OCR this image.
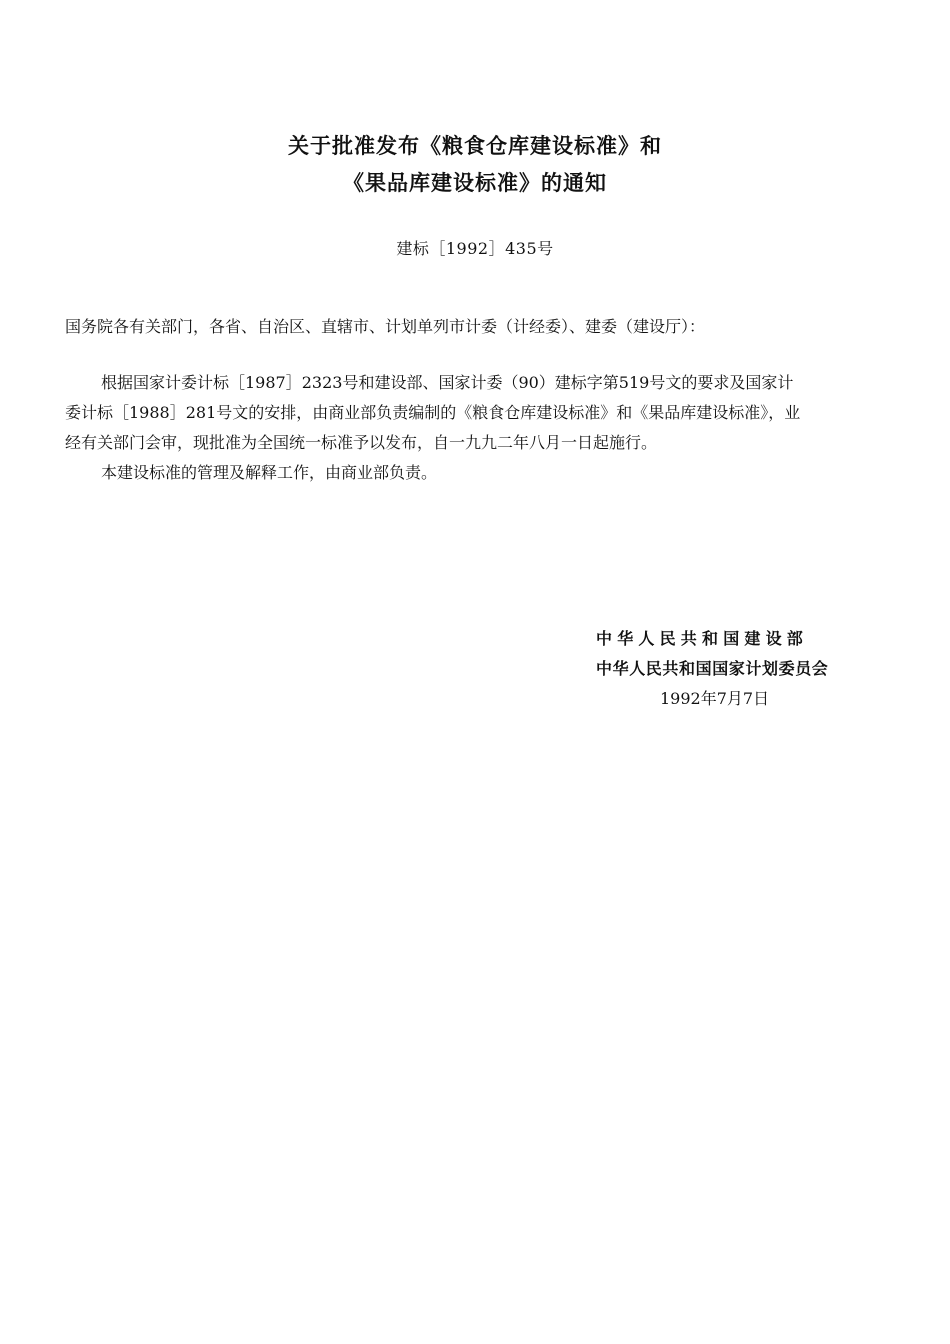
关于批准发布《粮食仓库建设标准》和
《果品库建设标准》的通知
建标［1992］435号
国务院各有关部门，各省、自治区、直辖市、计划单列市计委（计经委）、建委（建设厅）：
根据国家计委计标［1987］2323号和建设部、国家计委（90）建标字第519号文的要求及国家计
委计标［1988］281号文的安排，由商业部负责编制的《粮食仓库建设标准》和《果品库建设标准》，业
经有关部门会审，现批准为全国统一标准予以发布，自一九九二年八月一日起施行。
本建设标准的管理及解释工作，由商业部负责。
中华人民共和国建设部
中华人民共和国国家计划委员会
1992年7月7日
